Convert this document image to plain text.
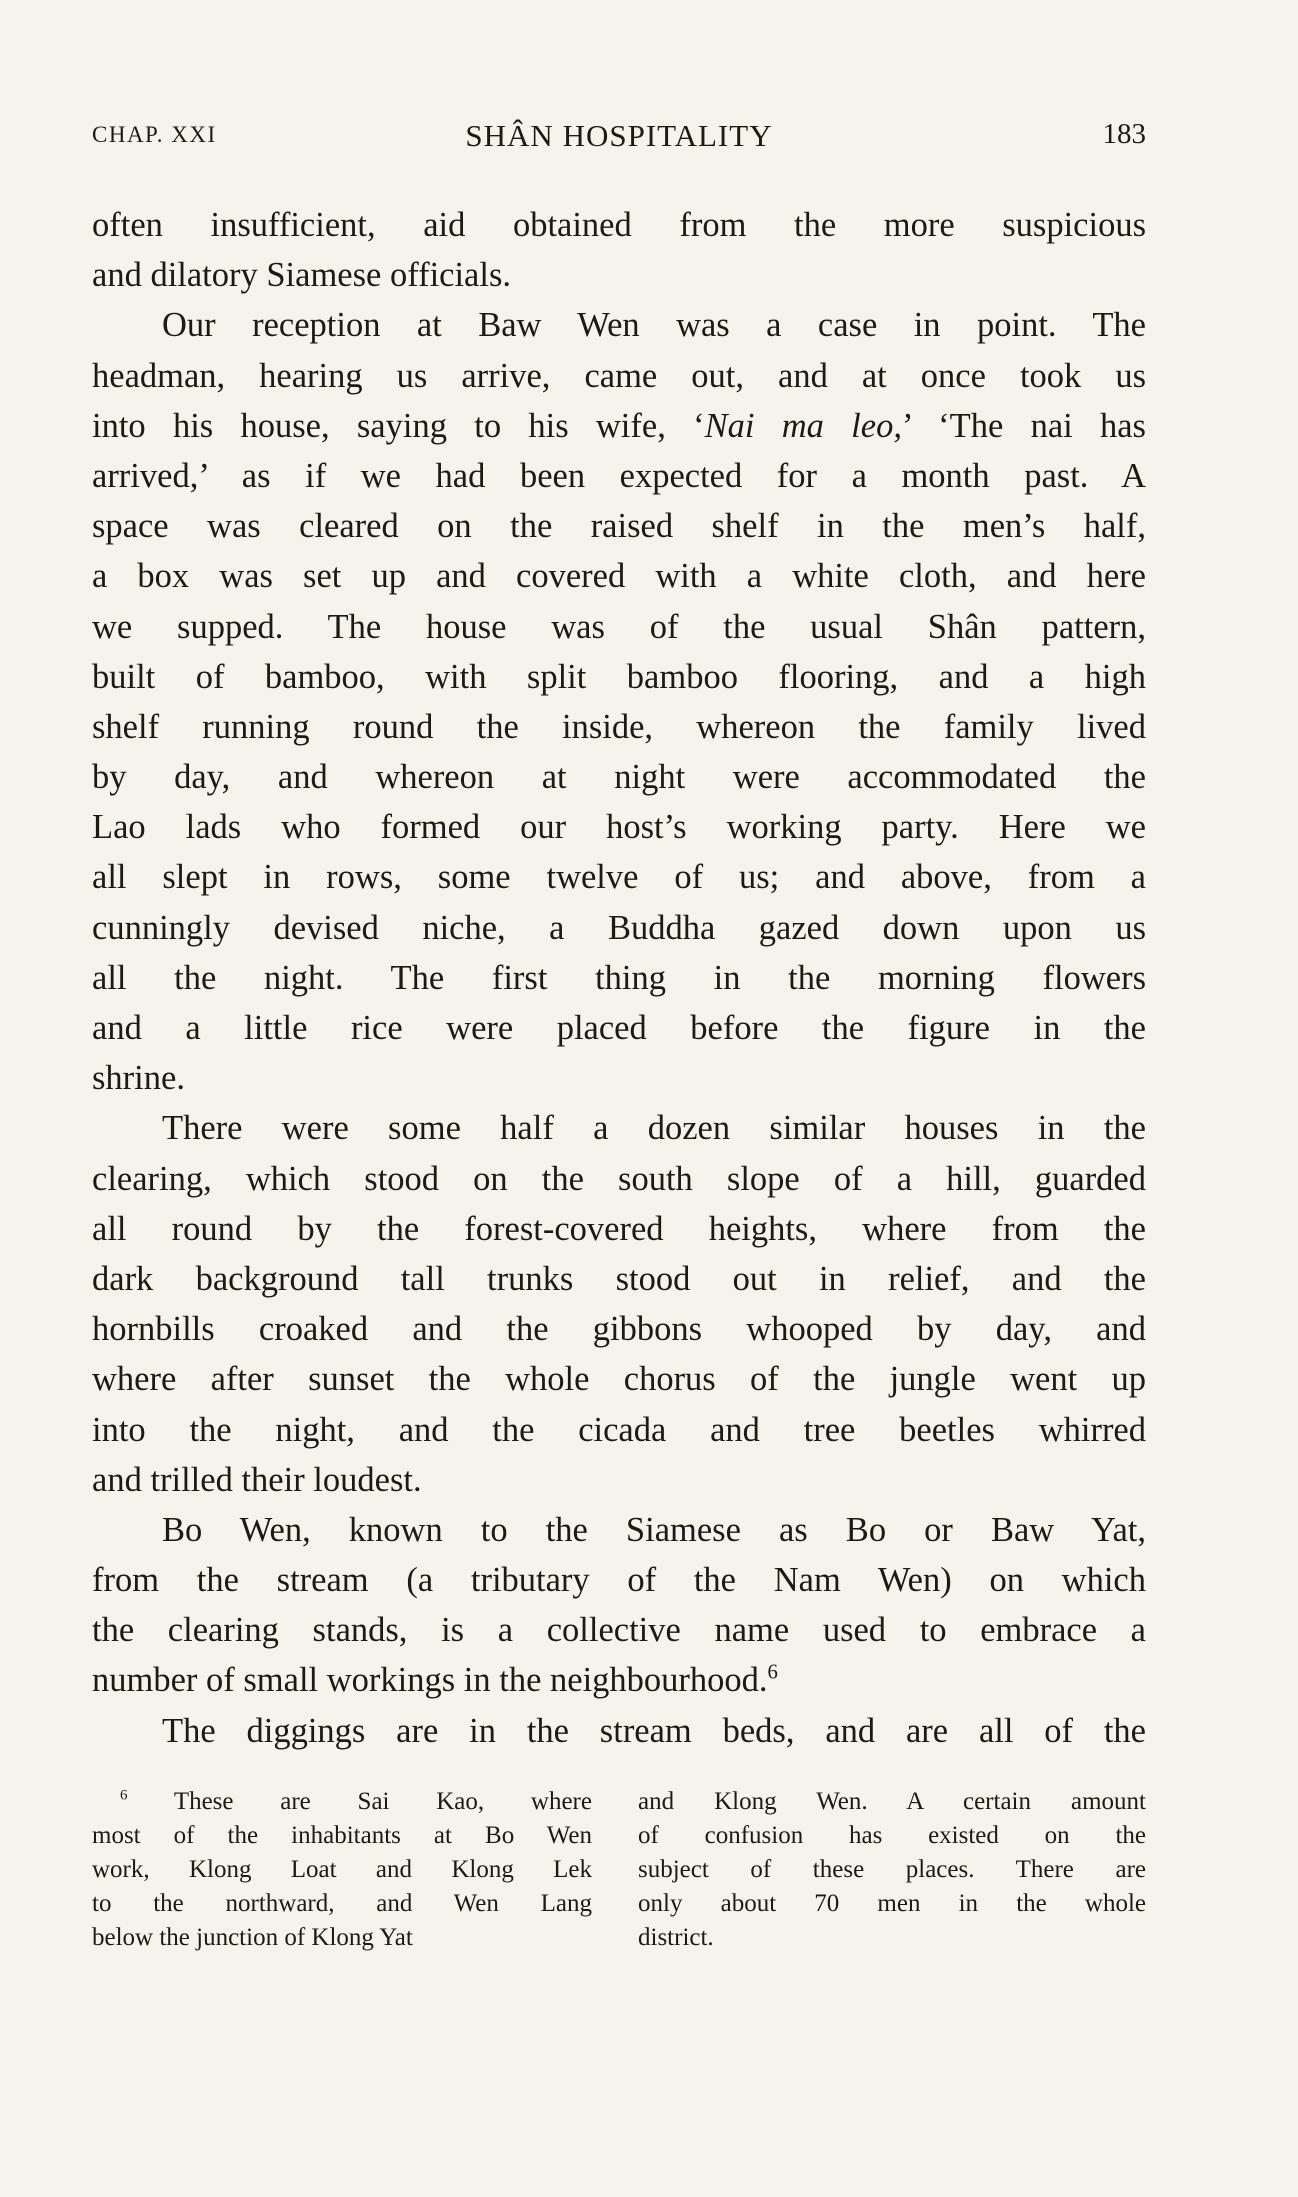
CHAP. XXI	SHÂN HOSPITALITY	183
often insufficient, aid obtained from the more suspicious
and dilatory Siamese officials.
Our reception at Baw Wen was a case in point. The
headman, hearing us arrive, came out, and at once took us
into his house, saying to his wife, ‘Nai ma leo,’ ‘The nai has
arrived,’ as if we had been expected for a month past. A
space was cleared on the raised shelf in the men’s half,
a box was set up and covered with a white cloth, and here
we supped. The house was of the usual Shân pattern,
built of bamboo, with split bamboo flooring, and a high
shelf running round the inside, whereon the family lived
by day, and whereon at night were accommodated the
Lao lads who formed our host’s working party. Here we
all slept in rows, some twelve of us; and above, from a
cunningly devised niche, a Buddha gazed down upon us
all the night. The first thing in the morning flowers
and a little rice were placed before the figure in the
shrine.
There were some half a dozen similar houses in the
clearing, which stood on the south slope of a hill, guarded
all round by the forest-covered heights, where from the
dark background tall trunks stood out in relief, and the
hornbills croaked and the gibbons whooped by day, and
where after sunset the whole chorus of the jungle went up
into the night, and the cicada and tree beetles whirred
and trilled their loudest.
Bo Wen, known to the Siamese as Bo or Baw Yat,
from the stream (a tributary of the Nam Wen) on which
the clearing stands, is a collective name used to embrace a
number of small workings in the neighbourhood.$^6$
The diggings are in the stream beds, and are all of the
$^6$ These are Sai Kao, where
most of the inhabitants at Bo Wen
work, Klong Loat and Klong Lek
to the northward, and Wen Lang
below the junction of Klong Yat
and Klong Wen. A certain amount
of confusion has existed on the
subject of these places. There are
only about 70 men in the whole
district.
